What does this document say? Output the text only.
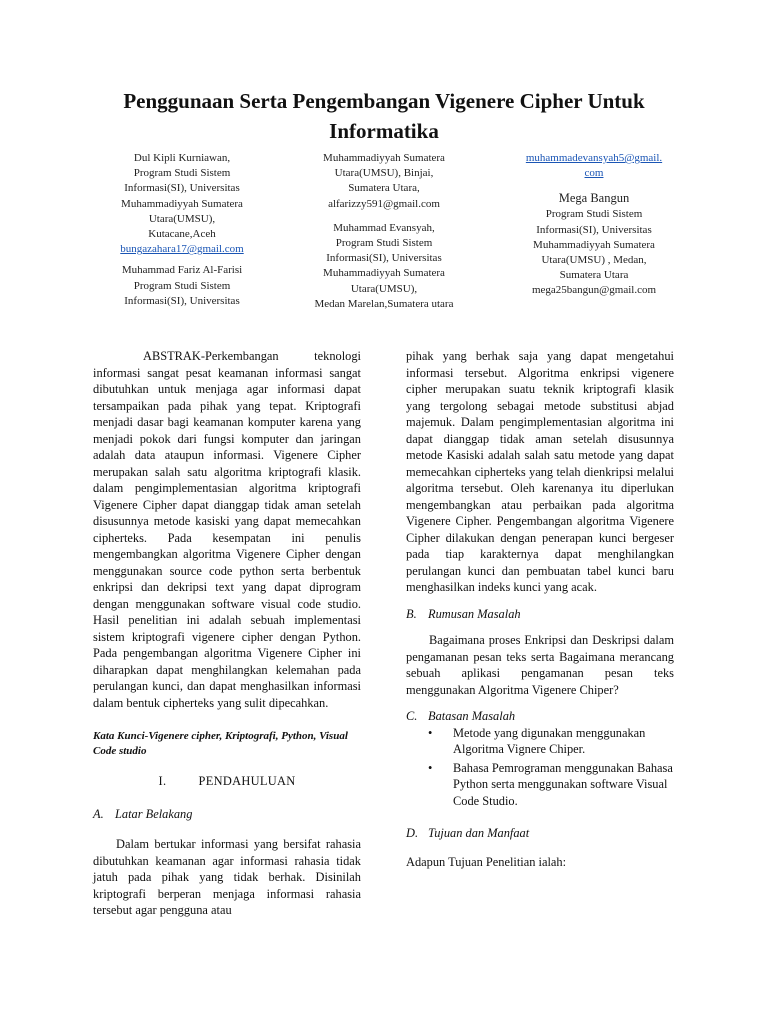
Penggunaan Serta Pengembangan Vigenere Cipher Untuk
Informatika
Dul Kipli Kurniawan,
Program Studi Sistem
Informasi(SI), Universitas
Muhammadiyyah Sumatera
Utara(UMSU),
Kutacane,Aceh
bungazahara17@gmail.com
Muhammad Fariz Al-Farisi
Program Studi Sistem
Informasi(SI), Universitas
Muhammadiyyah Sumatera
Utara(UMSU), Binjai,
Sumatera Utara,
alfarizzy591@gmail.com
Muhammad Evansyah,
Program Studi Sistem
Informasi(SI), Universitas
Muhammadiyyah Sumatera
Utara(UMSU),
Medan Marelan,Sumatera utara
muhammadevansyah5@gmail.
com
Mega Bangun
Program Studi Sistem
Informasi(SI), Universitas
Muhammadiyyah Sumatera
Utara(UMSU) , Medan,
Sumatera Utara
mega25bangun@gmail.com

ABSTRAK-Perkembangan teknologi informasi sangat pesat keamanan informasi sangat dibutuhkan untuk menjaga agar informasi dapat tersampaikan pada pihak yang tepat. Kriptografi menjadi dasar bagi keamanan komputer karena yang menjadi pokok dari fungsi komputer dan jaringan adalah data ataupun informasi. Vigenere Cipher merupakan salah satu algoritma kriptografi klasik. dalam pengimplementasian algoritma kriptografi Vigenere Cipher dapat dianggap tidak aman setelah disusunnya metode kasiski yang dapat memecahkan cipherteks. Pada kesempatan ini penulis mengembangkan algoritma Vigenere Cipher dengan menggunakan source code python serta berbentuk enkripsi dan dekripsi text yang dapat diprogram dengan menggunakan software visual code studio. Hasil penelitian ini adalah sebuah implementasi sistem kriptografi vigenere cipher dengan Python. Pada pengembangan algoritma Vigenere Cipher ini diharapkan dapat menghilangkan kelemahan pada perulangan kunci, dan dapat menghasilkan informasi dalam bentuk cipherteks yang sulit dipecahkan.

Kata Kunci-Vigenere cipher, Kriptografi, Python, Visual Code studio

I.	PENDAHULUAN

A. Latar Belakang

Dalam bertukar informasi yang bersifat rahasia dibutuhkan keamanan agar informasi rahasia tidak jatuh pada pihak yang tidak berhak. Disinilah kriptografi berperan menjaga informasi rahasia tersebut agar pengguna atau

pihak yang berhak saja yang dapat mengetahui informasi tersebut. Algoritma enkripsi vigenere cipher merupakan suatu teknik kriptografi klasik yang tergolong sebagai metode substitusi abjad majemuk. Dalam pengimplementasian algoritma ini dapat dianggap tidak aman setelah disusunnya metode Kasiski adalah salah satu metode yang dapat memecahkan cipherteks yang telah dienkripsi melalui algoritma tersebut. Oleh karenanya itu diperlukan mengembangkan atau perbaikan pada algoritma Vigenere Cipher. Pengembangan algoritma Vigenere Cipher dilakukan dengan penerapan kunci bergeser pada tiap karakternya dapat menghilangkan perulangan kunci dan pembuatan tabel kunci baru menghasilkan indeks kunci yang acak.

B. Rumusan Masalah

Bagaimana proses Enkripsi dan Deskripsi dalam pengamanan pesan teks serta Bagaimana merancang sebuah aplikasi pengamanan pesan teks menggunakan Algoritma Vigenere Chiper?

C. Batasan Masalah

• Metode yang digunakan menggunakan Algoritma Vignere Chiper.
• Bahasa Pemrograman menggunakan Bahasa Python serta menggunakan software Visual Code Studio.

D. Tujuan dan Manfaat

Adapun Tujuan Penelitian ialah:
